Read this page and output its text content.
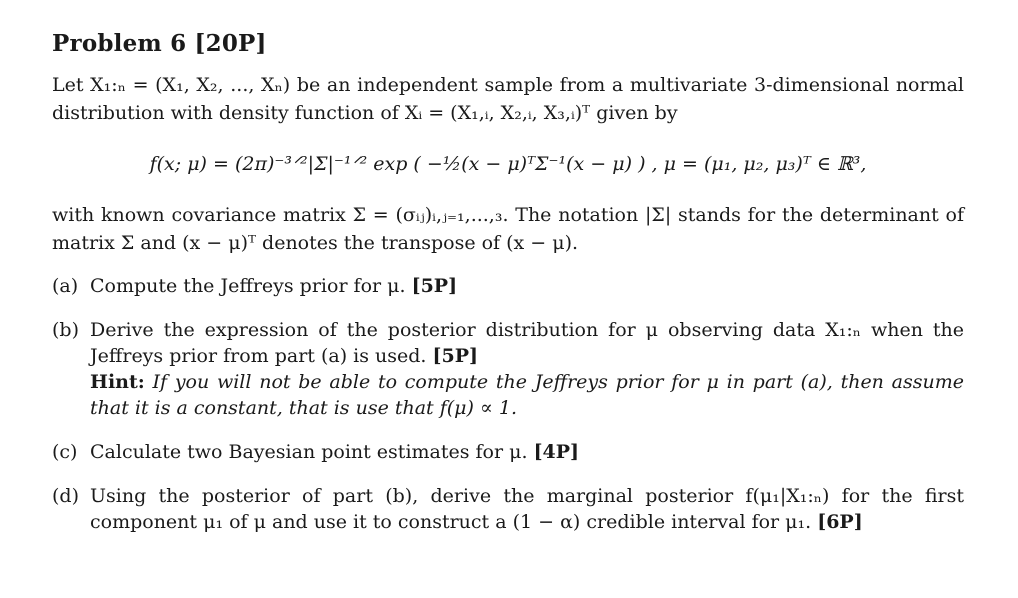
Problem 6 [20P]

Let X₁:ₙ = (X₁, X₂, ..., Xₙ) be an independent sample from a multivariate 3-dimensional normal distribution with density function of Xᵢ = (X₁,ᵢ, X₂,ᵢ, X₃,ᵢ)ᵀ given by

f(x; μ) = (2π)⁻³ᐟ²|Σ|⁻¹ᐟ² exp ( −½(x − μ)ᵀΣ⁻¹(x − μ) ) , μ = (μ₁, μ₂, μ₃)ᵀ ∈ ℝ³,

with known covariance matrix Σ = (σᵢⱼ)ᵢ,ⱼ₌₁,...,₃. The notation |Σ| stands for the determinant of matrix Σ and (x − μ)ᵀ denotes the transpose of (x − μ).

(a) Compute the Jeffreys prior for μ. [5P]
(b) Derive the expression of the posterior distribution for μ observing data X₁:ₙ when the Jeffreys prior from part (a) is used. [5P]
Hint: If you will not be able to compute the Jeffreys prior for μ in part (a), then assume that it is a constant, that is use that f(μ) ∝ 1.
(c) Calculate two Bayesian point estimates for μ. [4P]
(d) Using the posterior of part (b), derive the marginal posterior f(μ₁|X₁:ₙ) for the first component μ₁ of μ and use it to construct a (1 − α) credible interval for μ₁. [6P]
